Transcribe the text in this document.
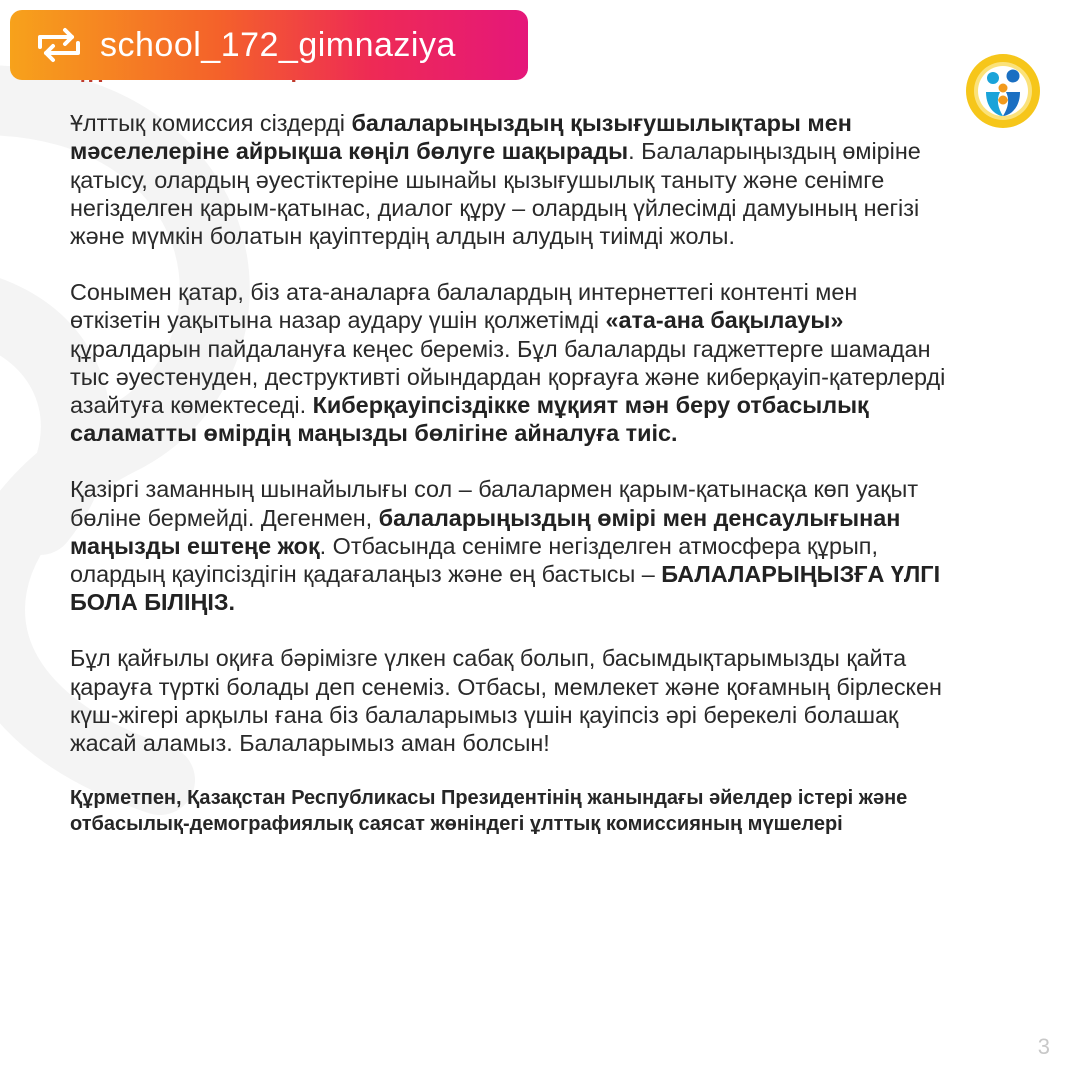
school_172_gimnaziya

Ұлттық комиссия сіздерді балаларыңыздың қызығушылықтары мен мәселелеріне айрықша көңіл бөлуге шақырады. Балаларыңыздың өміріне қатысу, олардың әуестіктеріне шынайы қызығушылық таныту және сенімге негізделген қарым-қатынас, диалог құру – олардың үйлесімді дамуының негізі және мүмкін болатын қауіптердің алдын алудың тиімді жолы.

Сонымен қатар, біз ата-аналарға балалардың интернеттегі контенті мен өткізетін уақытына назар аудару үшін қолжетімді «ата-ана бақылауы» құралдарын пайдалануға кеңес береміз. Бұл балаларды гаджеттерге шамадан тыс әуестенуден, деструктивті ойындардан қорғауға және киберқауіп-қатерлерді азайтуға көмектеседі. Киберқауіпсіздікке мұқият мән беру отбасылық саламатты өмірдің маңызды бөлігіне айналуға тиіс.

Қазіргі заманның шынайылығы сол – балалармен қарым-қатынасқа көп уақыт бөліне бермейді. Дегенмен, балаларыңыздың өмірі мен денсаулығынан маңызды ештеңе жоқ. Отбасында сенімге негізделген атмосфера құрып, олардың қауіпсіздігін қадағалаңыз және ең бастысы – БАЛАЛАРЫҢЫЗҒА ҮЛГІ БОЛА БІЛІҢІЗ.

Бұл қайғылы оқиға бәрімізге үлкен сабақ болып, басымдықтарымызды қайта қарауға түрткі болады деп сенеміз. Отбасы, мемлекет және қоғамның бірлескен күш-жігері арқылы ғана біз балаларымыз үшін қауіпсіз әрі берекелі болашақ жасай аламыз. Балаларымыз аман болсын!

Құрметпен, Қазақстан Республикасы Президентінің жанындағы әйелдер істері және отбасылық-демографиялық саясат жөніндегі ұлттық комиссияның мүшелері
3
